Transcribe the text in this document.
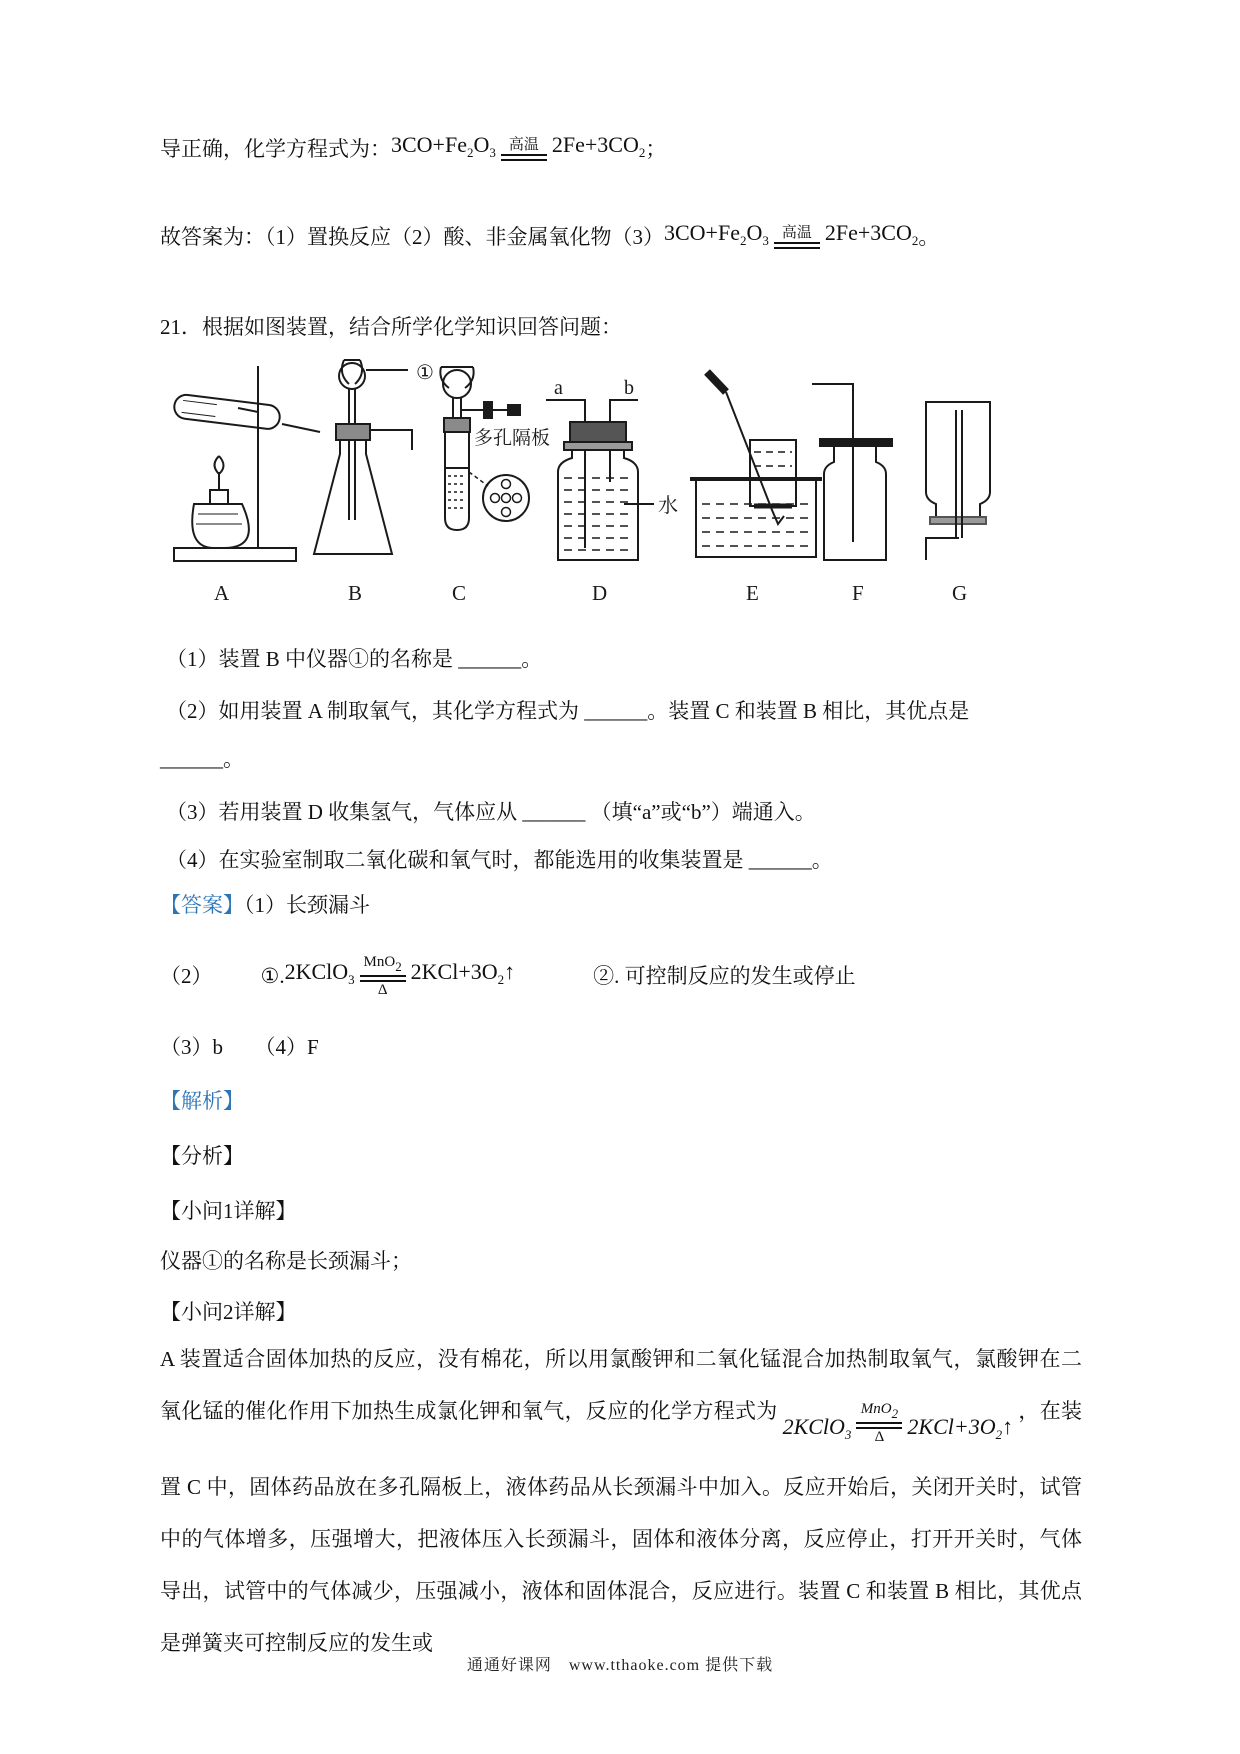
导正确，化学方程式为： $3CO+Fe_2O_3$ 高温 $2Fe+3CO_2$ ；
故答案为：（1）置换反应（2）酸、非金属氧化物（3） $3CO+Fe_2O_3$ 高温 $2Fe+3CO_2$ 。
21．根据如图装置，结合所学化学知识回答问题：
①
多孔隔板
a	b
水
A	B	C	D	E	F	G
（1）装置 B 中仪器①的名称是 ______。
（2）如用装置 A 制取氧气，其化学方程式为 ______。装置 C 和装置 B 相比，其优点是
______。
（3）若用装置 D 收集氢气，气体应从 ______ （填“a”或“b”）端通入。
（4）在实验室制取二氧化碳和氧气时，都能选用的收集装置是 ______。
【答案】（1）长颈漏斗
（2） ①. 2KClO$_3$
MnO2
Δ
$2KCl+3O_2↑$	②. 可控制反应的发生或停止
（3）b　　（4）F
【解析】
【分析】
【小问1详解】
仪器①的名称是长颈漏斗；
【小问2详解】

A 装置适合固体加热的反应，没有棉花，所以用氯酸钾和二氧化锰混合加热制取氧气，氯酸钾在二氧化锰的催化作用下加热生成氯化钾和氧气，反应的化学方程式为
2KClO$_3$
MnO2
Δ $2KCl+3O_2↑$
，在装置 C 中，固体药品放在多孔隔板上，液体药品从长颈漏斗中加入。反应开始后，关闭开关时，试管中的气体增多，压强增大，把液体压入长颈漏斗，固体和液体分离，反应停止，打开开关时，气体导出，试管中的气体减少，压强减小，液体和固体混合，反应进行。装置 C 和装置 B 相比，其优点是弹簧夹可控制反应的发生或

通通好课网　www.tthaoke.com 提供下载
